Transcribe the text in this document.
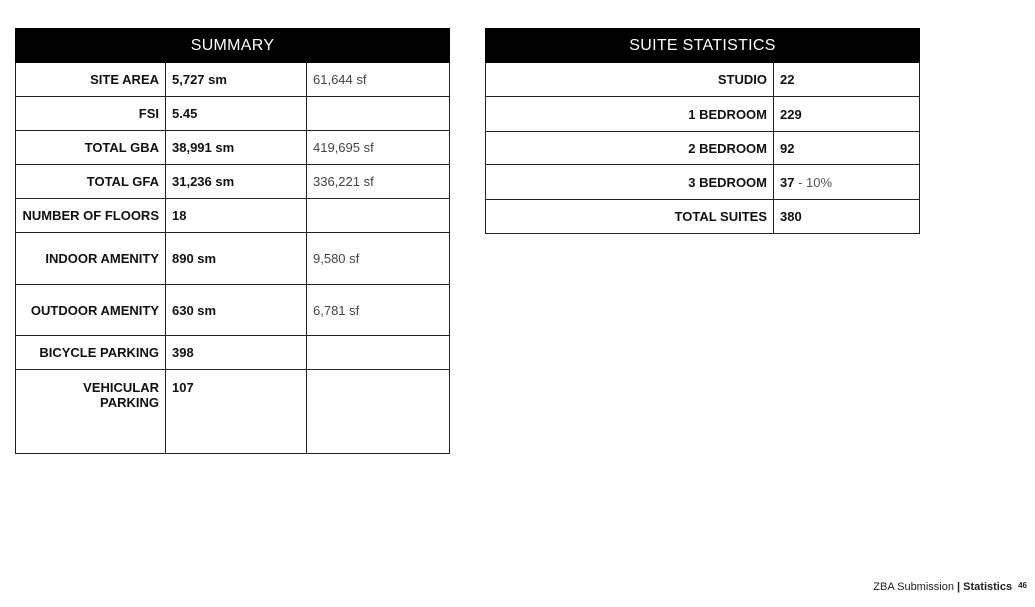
SUMMARY		
SITE AREA	5,727 sm	61,644 sf
FSI	5.45	
TOTAL GBA	38,991 sm	419,695 sf
TOTAL GFA	31,236 sm	336,221 sf
NUMBER OF FLOORS	18	
INDOOR AMENITY	890 sm	9,580 sf
OUTDOOR AMENITY	630 sm	6,781 sf
BICYCLE PARKING	398	
VEHICULAR PARKING	107	
SUITE STATISTICS	
STUDIO	22
1 BEDROOM	229
2 BEDROOM	92
3 BEDROOM	37 - 10%
TOTAL SUITES	380
ZBA Submission | Statistics 46
